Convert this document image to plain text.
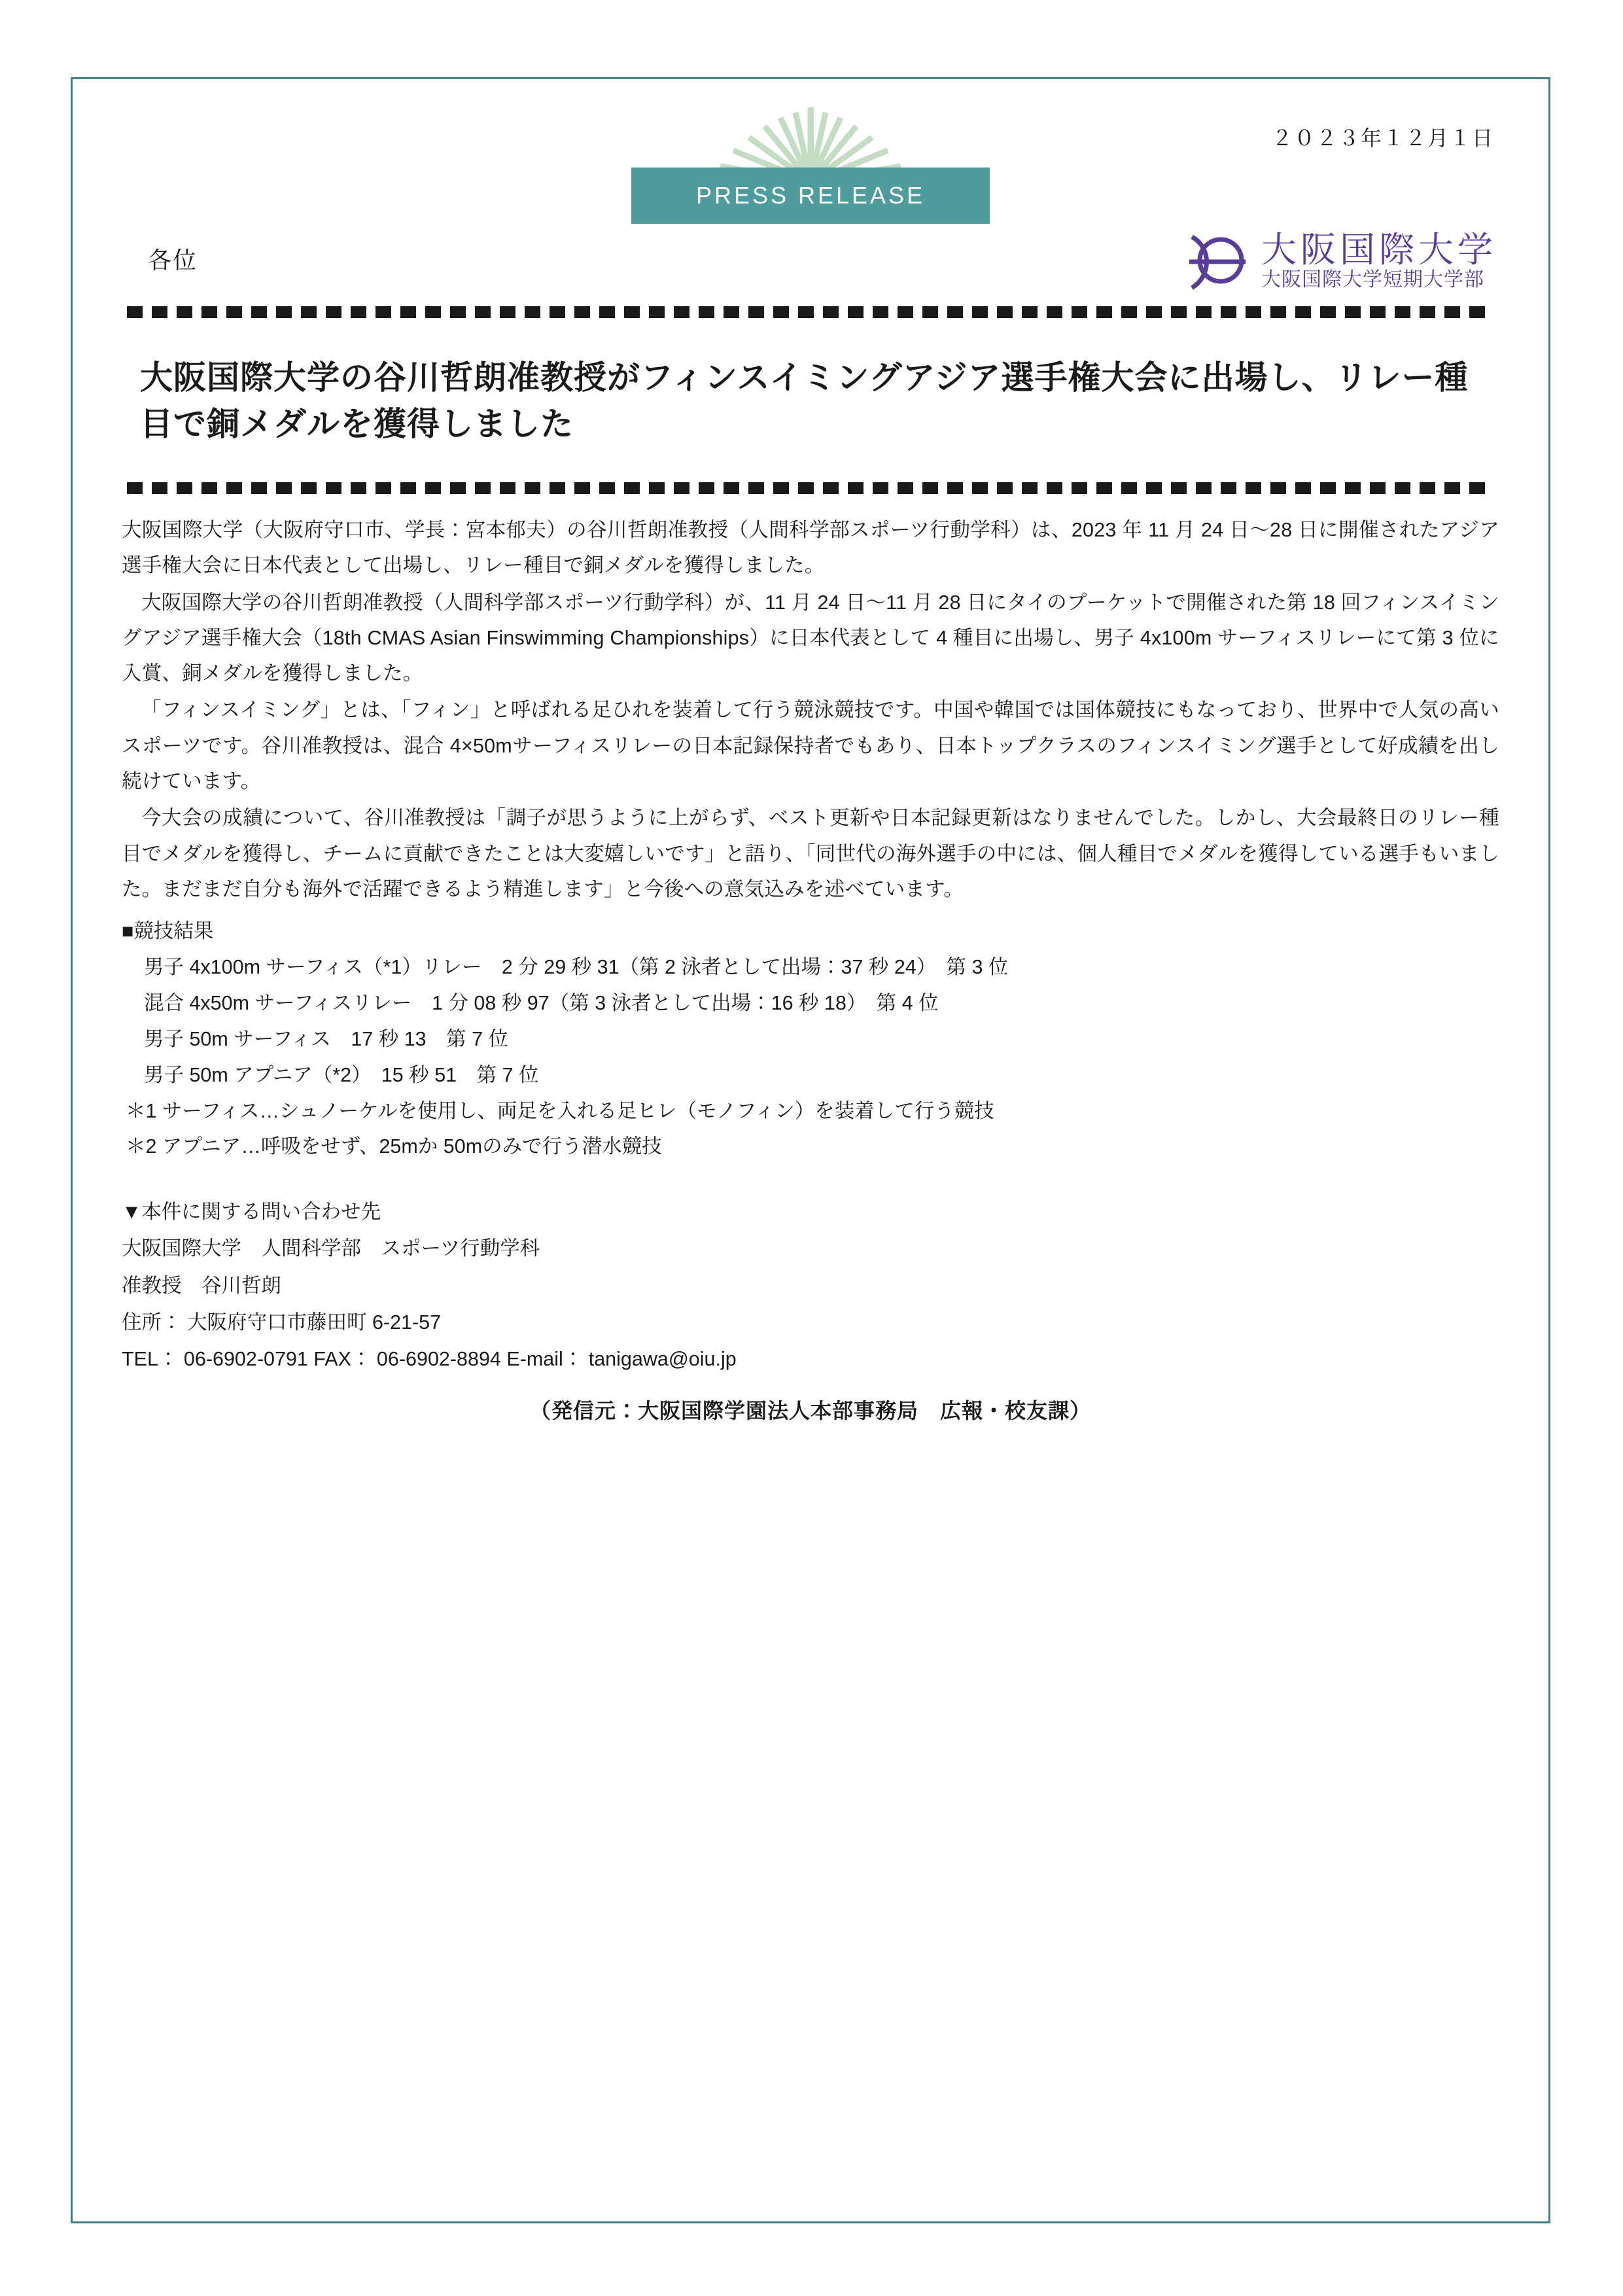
２０２３年１２月１日
PRESS RELEASE
各位	大阪国際大学
大阪国際大学短期大学部
大阪国際大学の谷川哲朗准教授がフィンスイミングアジア選手権大会に出場し、リレー種目で銅メダルを獲得しました

大阪国際大学（大阪府守口市、学長：宮本郁夫）の谷川哲朗准教授（人間科学部スポーツ行動学科）は、2023 年 11 月 24 日〜28 日に開催されたアジア選手権大会に日本代表として出場し、リレー種目で銅メダルを獲得しました。

大阪国際大学の谷川哲朗准教授（人間科学部スポーツ行動学科）が、11 月 24 日〜11 月 28 日にタイのプーケットで開催された第 18 回フィンスイミングアジア選手権大会（18th CMAS Asian Finswimming Championships）に日本代表として 4 種目に出場し、男子 4x100m サーフィスリレーにて第 3 位に入賞、銅メダルを獲得しました。

「フィンスイミング」とは、「フィン」と呼ばれる足ひれを装着して行う競泳競技です。中国や韓国では国体競技にもなっており、世界中で人気の高いスポーツです。谷川准教授は、混合 4×50mサーフィスリレーの日本記録保持者でもあり、日本トップクラスのフィンスイミング選手として好成績を出し続けています。

今大会の成績について、谷川准教授は「調子が思うように上がらず、ベスト更新や日本記録更新はなりませんでした。しかし、大会最終日のリレー種目でメダルを獲得し、チームに貢献できたことは大変嬉しいです」と語り、「同世代の海外選手の中には、個人種目でメダルを獲得している選手もいました。まだまだ自分も海外で活躍できるよう精進します」と今後への意気込みを述べています。

■競技結果

男子 4x100m サーフィス（*1）リレー　2 分 29 秒 31（第 2 泳者として出場：37 秒 24）　第 3 位

混合 4x50m サーフィスリレー　1 分 08 秒 97（第 3 泳者として出場：16 秒 18）　第 4 位

男子 50m サーフィス　17 秒 13　第 7 位

男子 50m アプニア（*2）　15 秒 51　第 7 位

＊1 サーフィス…シュノーケルを使用し、両足を入れる足ヒレ（モノフィン）を装着して行う競技

＊2 アプニア…呼吸をせず、25mか 50mのみで行う潜水競技

▼本件に関する問い合わせ先

大阪国際大学　人間科学部　スポーツ行動学科

准教授　谷川哲朗

住所： 大阪府守口市藤田町 6-21-57

TEL： 06-6902-0791 FAX： 06-6902-8894 E-mail： tanigawa@oiu.jp

（発信元：大阪国際学園法人本部事務局　広報・校友課）
